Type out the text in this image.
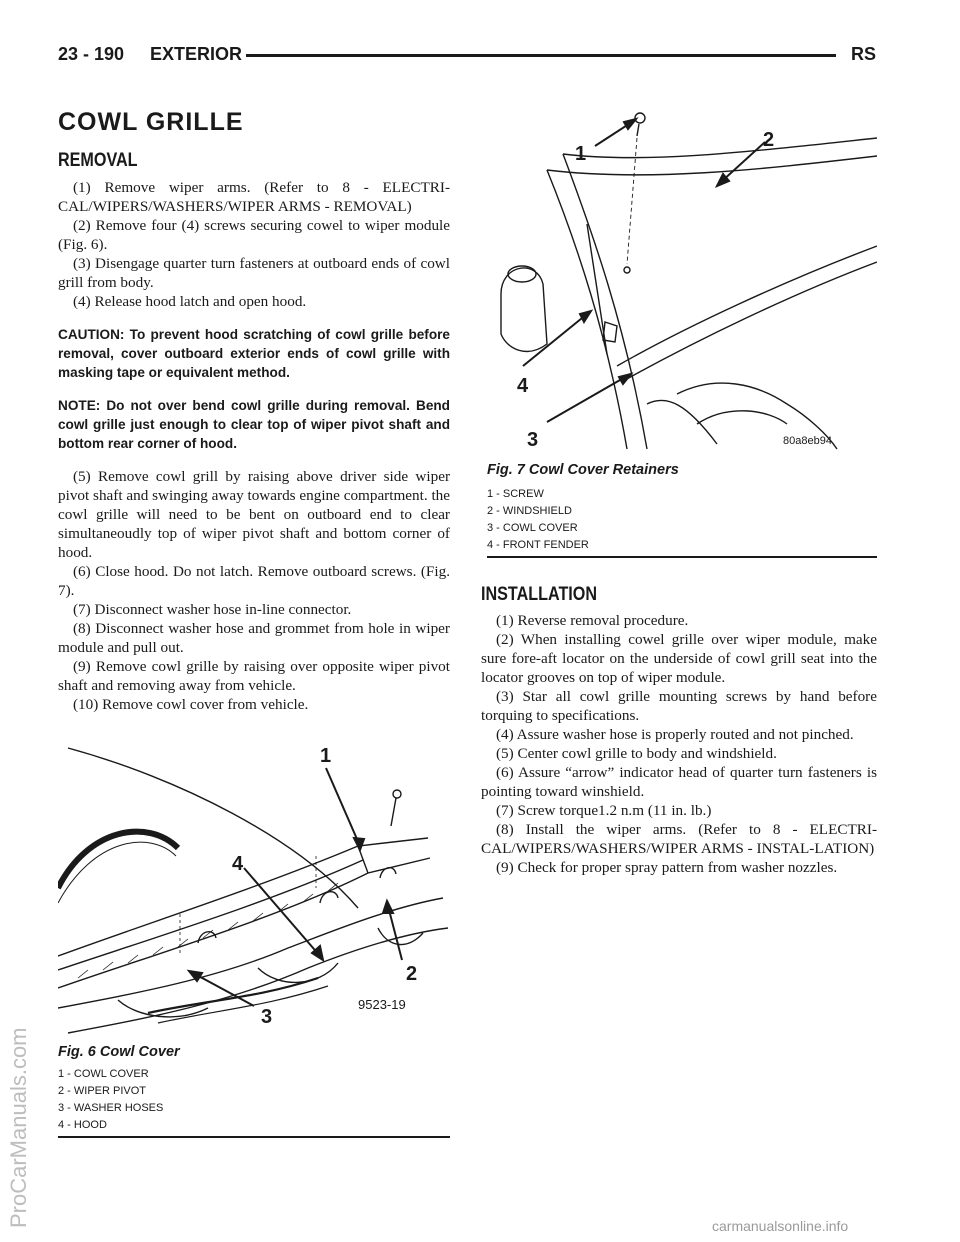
23 - 190 EXTERIOR	RS
COWL GRILLE
REMOVAL

(1) Remove wiper arms. (Refer to 8 - ELECTRI-CAL/WIPERS/WASHERS/WIPER ARMS - REMOVAL)

(2) Remove four (4) screws securing cowel to wiper module (Fig. 6).

(3) Disengage quarter turn fasteners at outboard ends of cowl grill from body.

(4) Release hood latch and open hood.

CAUTION: To prevent hood scratching of cowl grille before removal, cover outboard exterior ends of cowl grille with masking tape or equivalent method.

NOTE: Do not over bend cowl grille during removal. Bend cowl grille just enough to clear top of wiper pivot shaft and bottom rear corner of hood.

(5) Remove cowl grill by raising above driver side wiper pivot shaft and swinging away towards engine compartment. the cowl grille will need to be bent on outboard end to clear simultaneoudly top of wiper pivot shaft and bottom corner of hood.

(6) Close hood. Do not latch. Remove outboard screws. (Fig. 7).

(7) Disconnect washer hose in-line connector.

(8) Disconnect washer hose and grommet from hole in wiper module and pull out.

(9) Remove cowl grille by raising over opposite wiper pivot shaft and removing away from vehicle.

(10) Remove cowl cover from vehicle.

1
2
3
4
9523-19
Fig. 6 Cowl Cover
1 - COWL COVER
2 - WIPER PIVOT
3 - WASHER HOSES
4 - HOOD
1
2
3
4
80a8eb94
Fig. 7 Cowl Cover Retainers
1 - SCREW
2 - WINDSHIELD
3 - COWL COVER
4 - FRONT FENDER
INSTALLATION

(1) Reverse removal procedure.

(2) When installing cowel grille over wiper module, make sure fore-aft locator on the underside of cowl grill seat into the locator grooves on top of wiper module.

(3) Star all cowl grille mounting screws by hand before torquing to specifications.

(4) Assure washer hose is properly routed and not pinched.

(5) Center cowl grille to body and windshield.

(6) Assure “arrow” indicator head of quarter turn fasteners is pointing toward winshield.

(7) Screw torque1.2 n.m (11 in. lb.)

(8) Install the wiper arms. (Refer to 8 - ELECTRI-CAL/WIPERS/WASHERS/WIPER ARMS - INSTAL-LATION)

(9) Check for proper spray pattern from washer nozzles.

ProCarManuals.com	carmanualsonline.info
